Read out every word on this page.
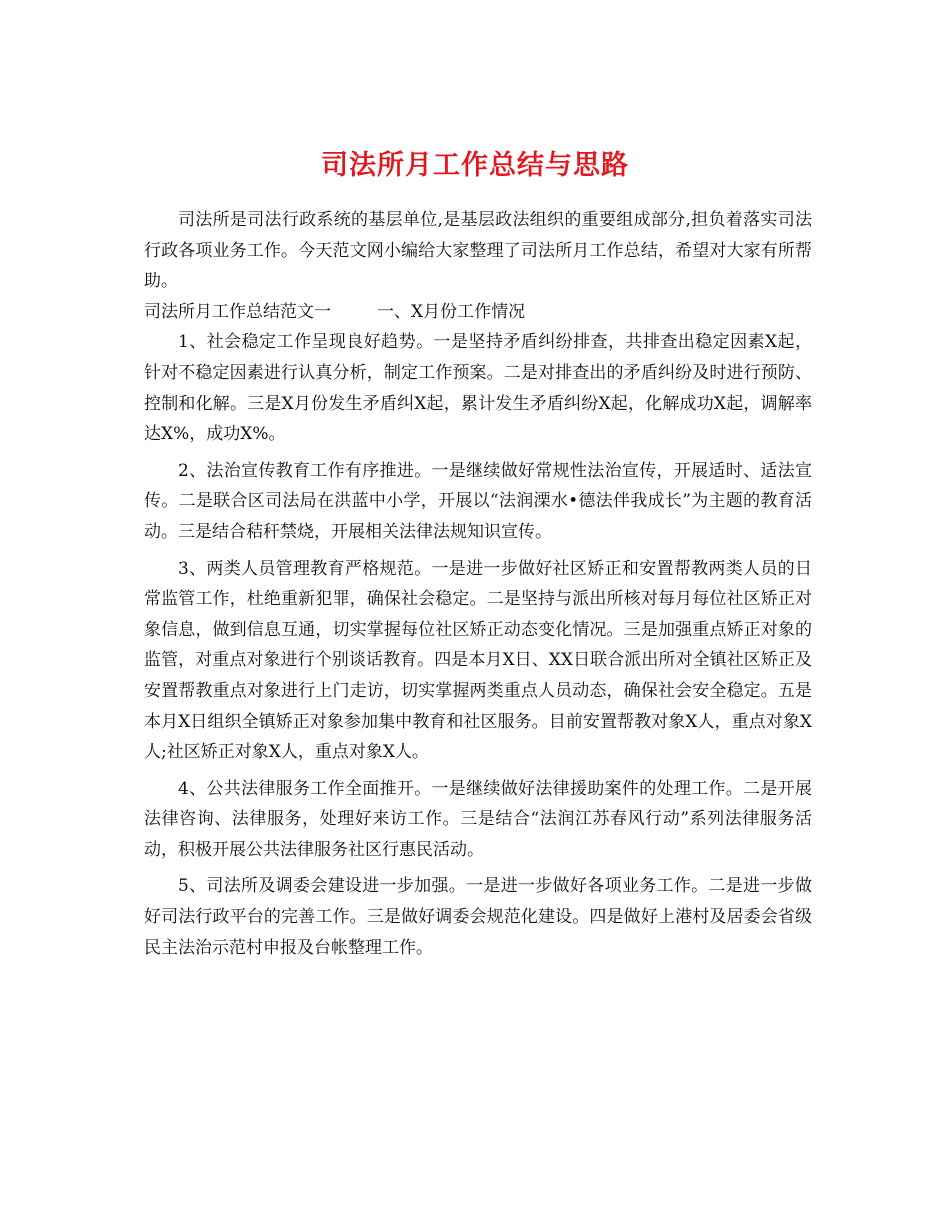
司法所月工作总结与思路

司法所是司法行政系统的基层单位,是基层政法组织的重要组成部分,担负着落实司法行政各项业务工作。今天范文网小编给大家整理了司法所月工作总结，希望对大家有所帮助。

司法所月工作总结范文一	一、X月份工作情况

1、社会稳定工作呈现良好趋势。一是坚持矛盾纠纷排查，共排查出稳定因素X起，针对不稳定因素进行认真分析，制定工作预案。二是对排查出的矛盾纠纷及时进行预防、控制和化解。三是X月份发生矛盾纠X起，累计发生矛盾纠纷X起，化解成功X起，调解率达X%，成功X%。

2、法治宣传教育工作有序推进。一是继续做好常规性法治宣传，开展适时、适法宣传。二是联合区司法局在洪蓝中小学，开展以“法润溧水•德法伴我成长”为主题的教育活动。三是结合秸秆禁烧，开展相关法律法规知识宣传。

3、两类人员管理教育严格规范。一是进一步做好社区矫正和安置帮教两类人员的日常监管工作，杜绝重新犯罪，确保社会稳定。二是坚持与派出所核对每月每位社区矫正对象信息，做到信息互通，切实掌握每位社区矫正动态变化情况。三是加强重点矫正对象的监管，对重点对象进行个别谈话教育。四是本月X日、XX日联合派出所对全镇社区矫正及安置帮教重点对象进行上门走访，切实掌握两类重点人员动态，确保社会安全稳定。五是本月X日组织全镇矫正对象参加集中教育和社区服务。目前安置帮教对象X人，重点对象X人;社区矫正对象X人，重点对象X人。

4、公共法律服务工作全面推开。一是继续做好法律援助案件的处理工作。二是开展法律咨询、法律服务，处理好来访工作。三是结合“法润江苏春风行动”系列法律服务活动，积极开展公共法律服务社区行惠民活动。

5、司法所及调委会建设进一步加强。一是进一步做好各项业务工作。二是进一步做好司法行政平台的完善工作。三是做好调委会规范化建设。四是做好上港村及居委会省级民主法治示范村申报及台帐整理工作。
